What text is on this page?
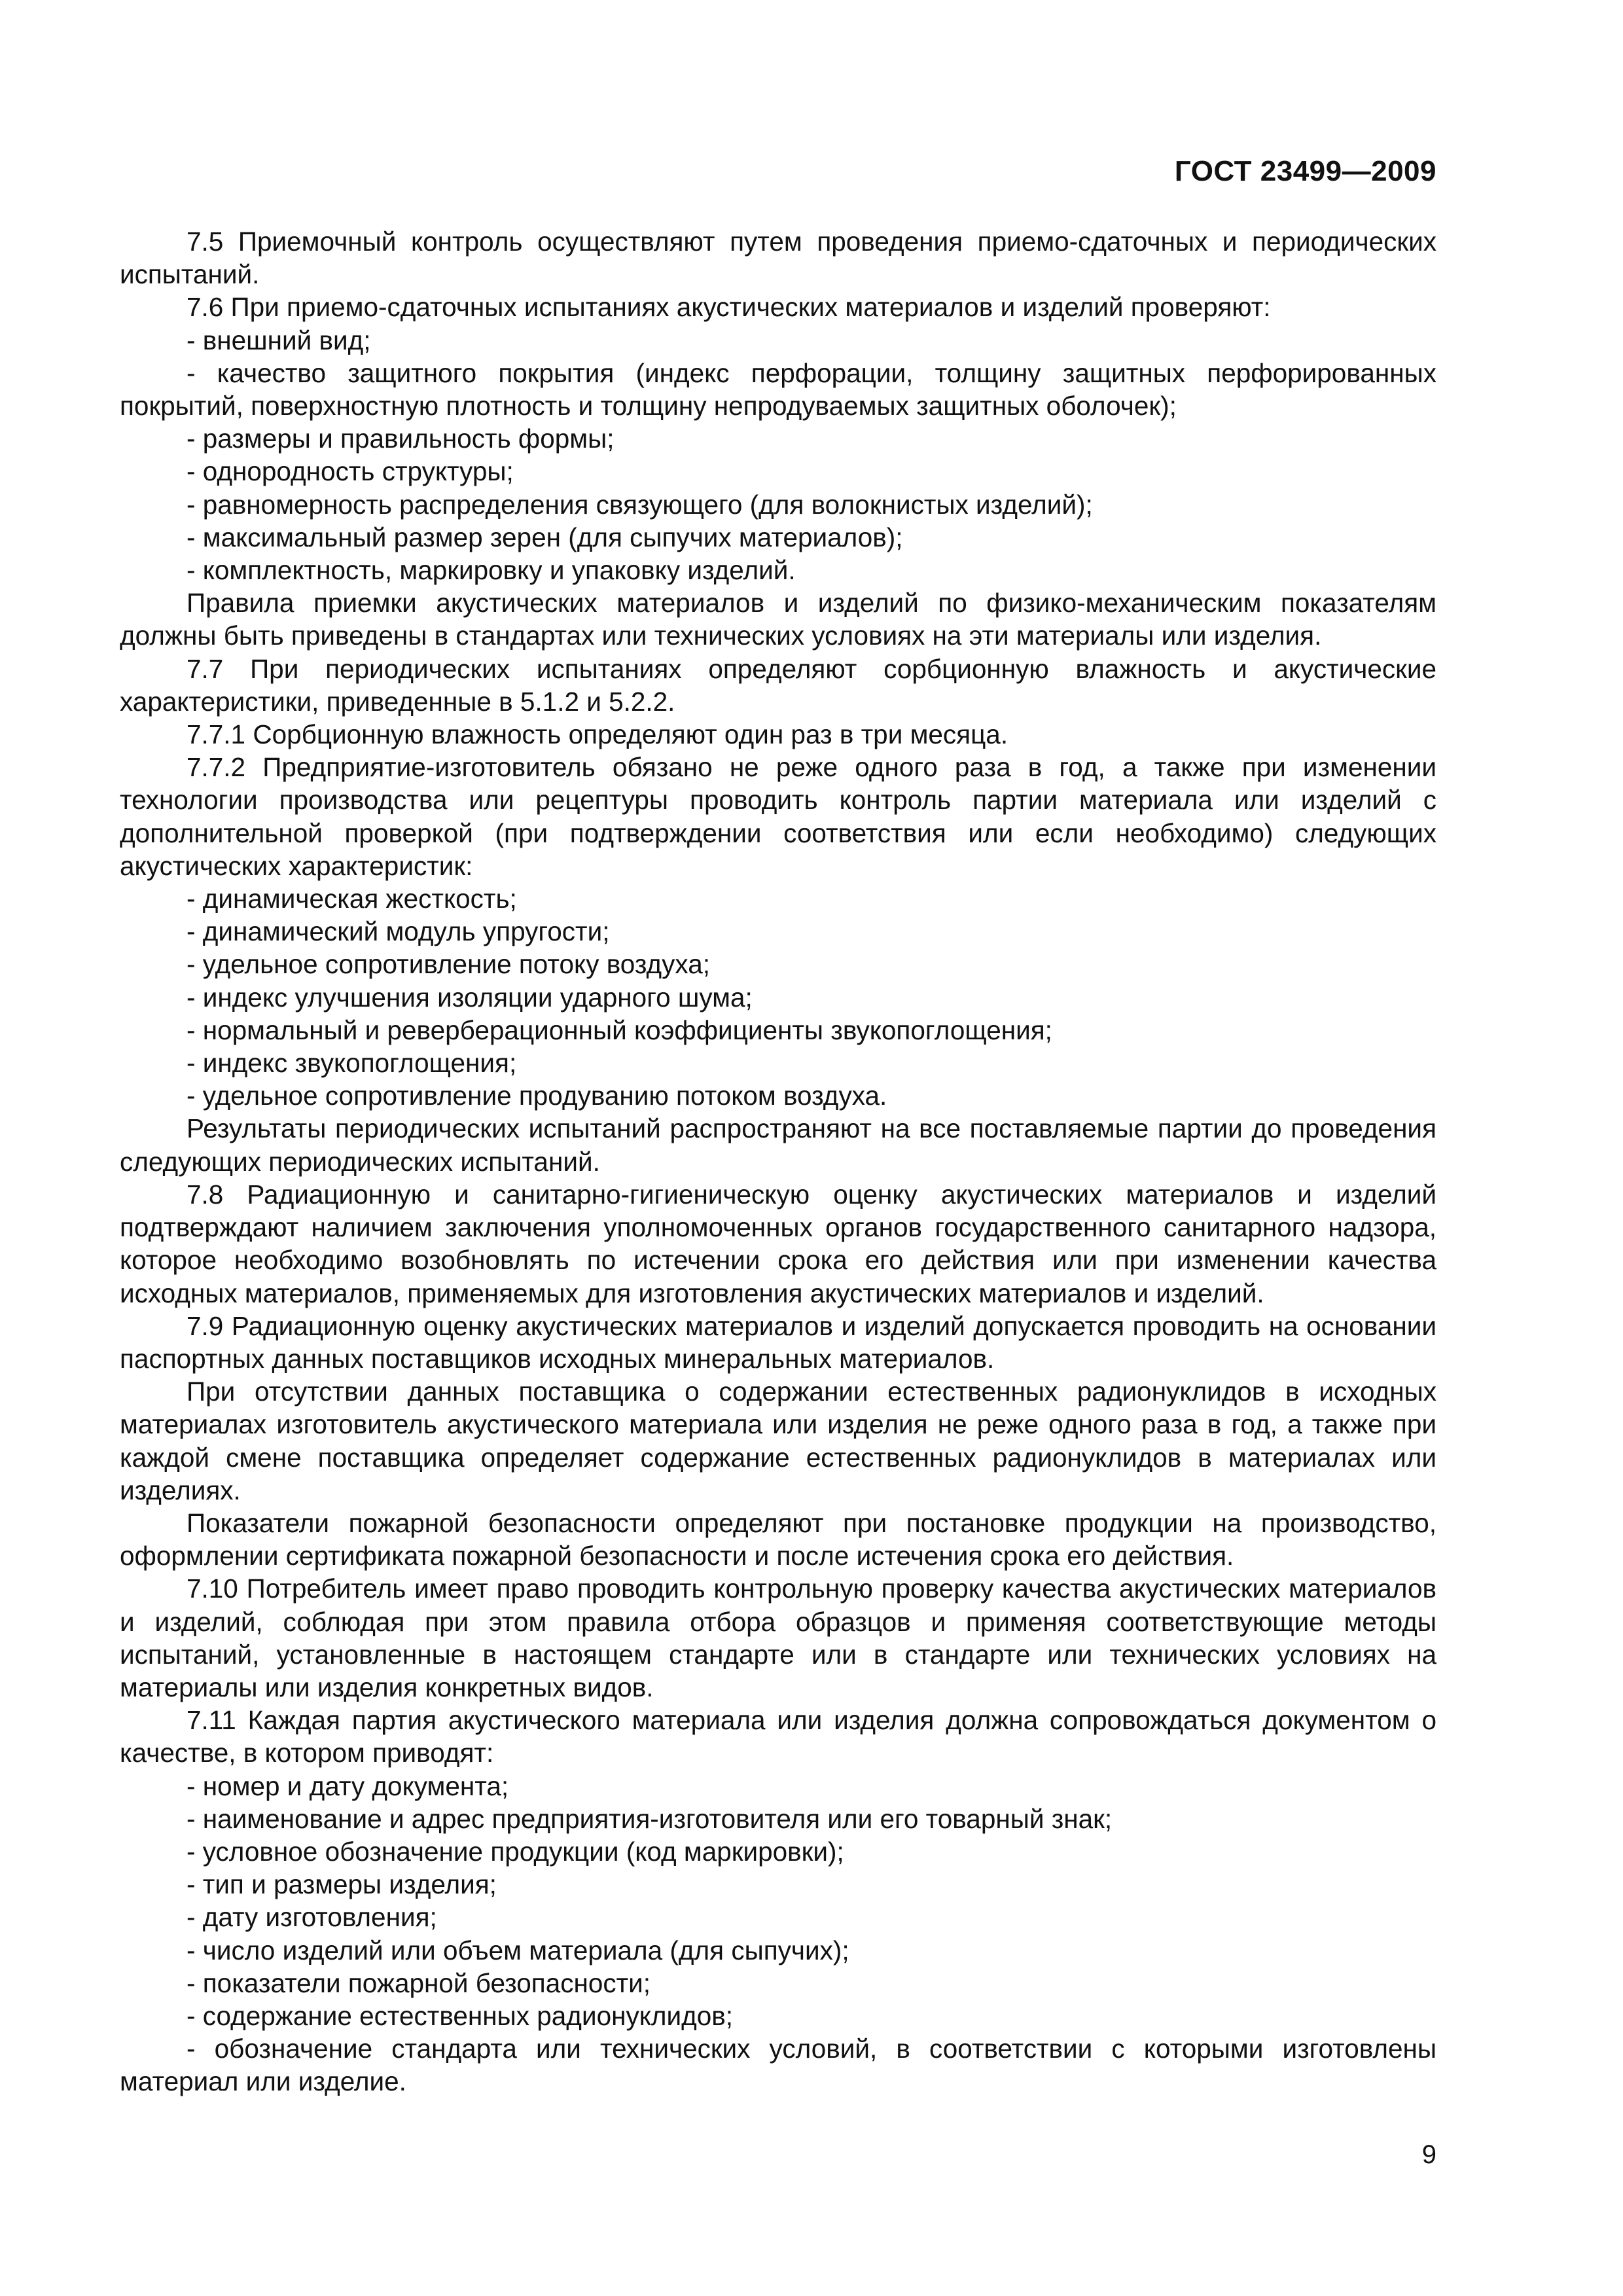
ГОСТ 23499—2009

7.5 Приемочный контроль осуществляют путем проведения приемо-сдаточных и периодических испытаний.

7.6 При приемо-сдаточных испытаниях акустических материалов и изделий проверяют:

- внешний вид;

- качество защитного покрытия (индекс перфорации, толщину защитных перфорированных покрытий, поверхностную плотность и толщину непродуваемых защитных оболочек);

- размеры и правильность формы;

- однородность структуры;

- равномерность распределения связующего (для волокнистых изделий);

- максимальный размер зерен (для сыпучих материалов);

- комплектность, маркировку и упаковку изделий.

Правила приемки акустических материалов и изделий по физико-механическим показателям должны быть приведены в стандартах или технических условиях на эти материалы или изделия.

7.7 При периодических испытаниях определяют сорбционную влажность и акустические характеристики, приведенные в 5.1.2 и 5.2.2.

7.7.1 Сорбционную влажность определяют один раз в три месяца.

7.7.2 Предприятие-изготовитель обязано не реже одного раза в год, а также при изменении технологии производства или рецептуры проводить контроль партии материала или изделий с дополнительной проверкой (при подтверждении соответствия или если необходимо) следующих акустических характеристик:

- динамическая жесткость;

- динамический модуль упругости;

- удельное сопротивление потоку воздуха;

- индекс улучшения изоляции ударного шума;

- нормальный и реверберационный коэффициенты звукопоглощения;

- индекс звукопоглощения;

- удельное сопротивление продуванию потоком воздуха.

Результаты периодических испытаний распространяют на все поставляемые партии до проведения следующих периодических испытаний.

7.8 Радиационную и санитарно-гигиеническую оценку акустических материалов и изделий подтверждают наличием заключения уполномоченных органов государственного санитарного надзора, которое необходимо возобновлять по истечении срока его действия или при изменении качества исходных материалов, применяемых для изготовления акустических материалов и изделий.

7.9 Радиационную оценку акустических материалов и изделий допускается проводить на основании паспортных данных поставщиков исходных минеральных материалов.

При отсутствии данных поставщика о содержании естественных радионуклидов в исходных материалах изготовитель акустического материала или изделия не реже одного раза в год, а также при каждой смене поставщика определяет содержание естественных радионуклидов в материалах или изделиях.

Показатели пожарной безопасности определяют при постановке продукции на производство, оформлении сертификата пожарной безопасности и после истечения срока его действия.

7.10 Потребитель имеет право проводить контрольную проверку качества акустических материалов и изделий, соблюдая при этом правила отбора образцов и применяя соответствующие методы испытаний, установленные в настоящем стандарте или в стандарте или технических условиях на материалы или изделия конкретных видов.

7.11 Каждая партия акустического материала или изделия должна сопровождаться документом о качестве, в котором приводят:

- номер и дату документа;

- наименование и адрес предприятия-изготовителя или его товарный знак;

- условное обозначение продукции (код маркировки);

- тип и размеры изделия;

- дату изготовления;

- число изделий или объем материала (для сыпучих);

- показатели пожарной безопасности;

- содержание естественных радионуклидов;

- обозначение стандарта или технических условий, в соответствии с которыми изготовлены материал или изделие.

9
